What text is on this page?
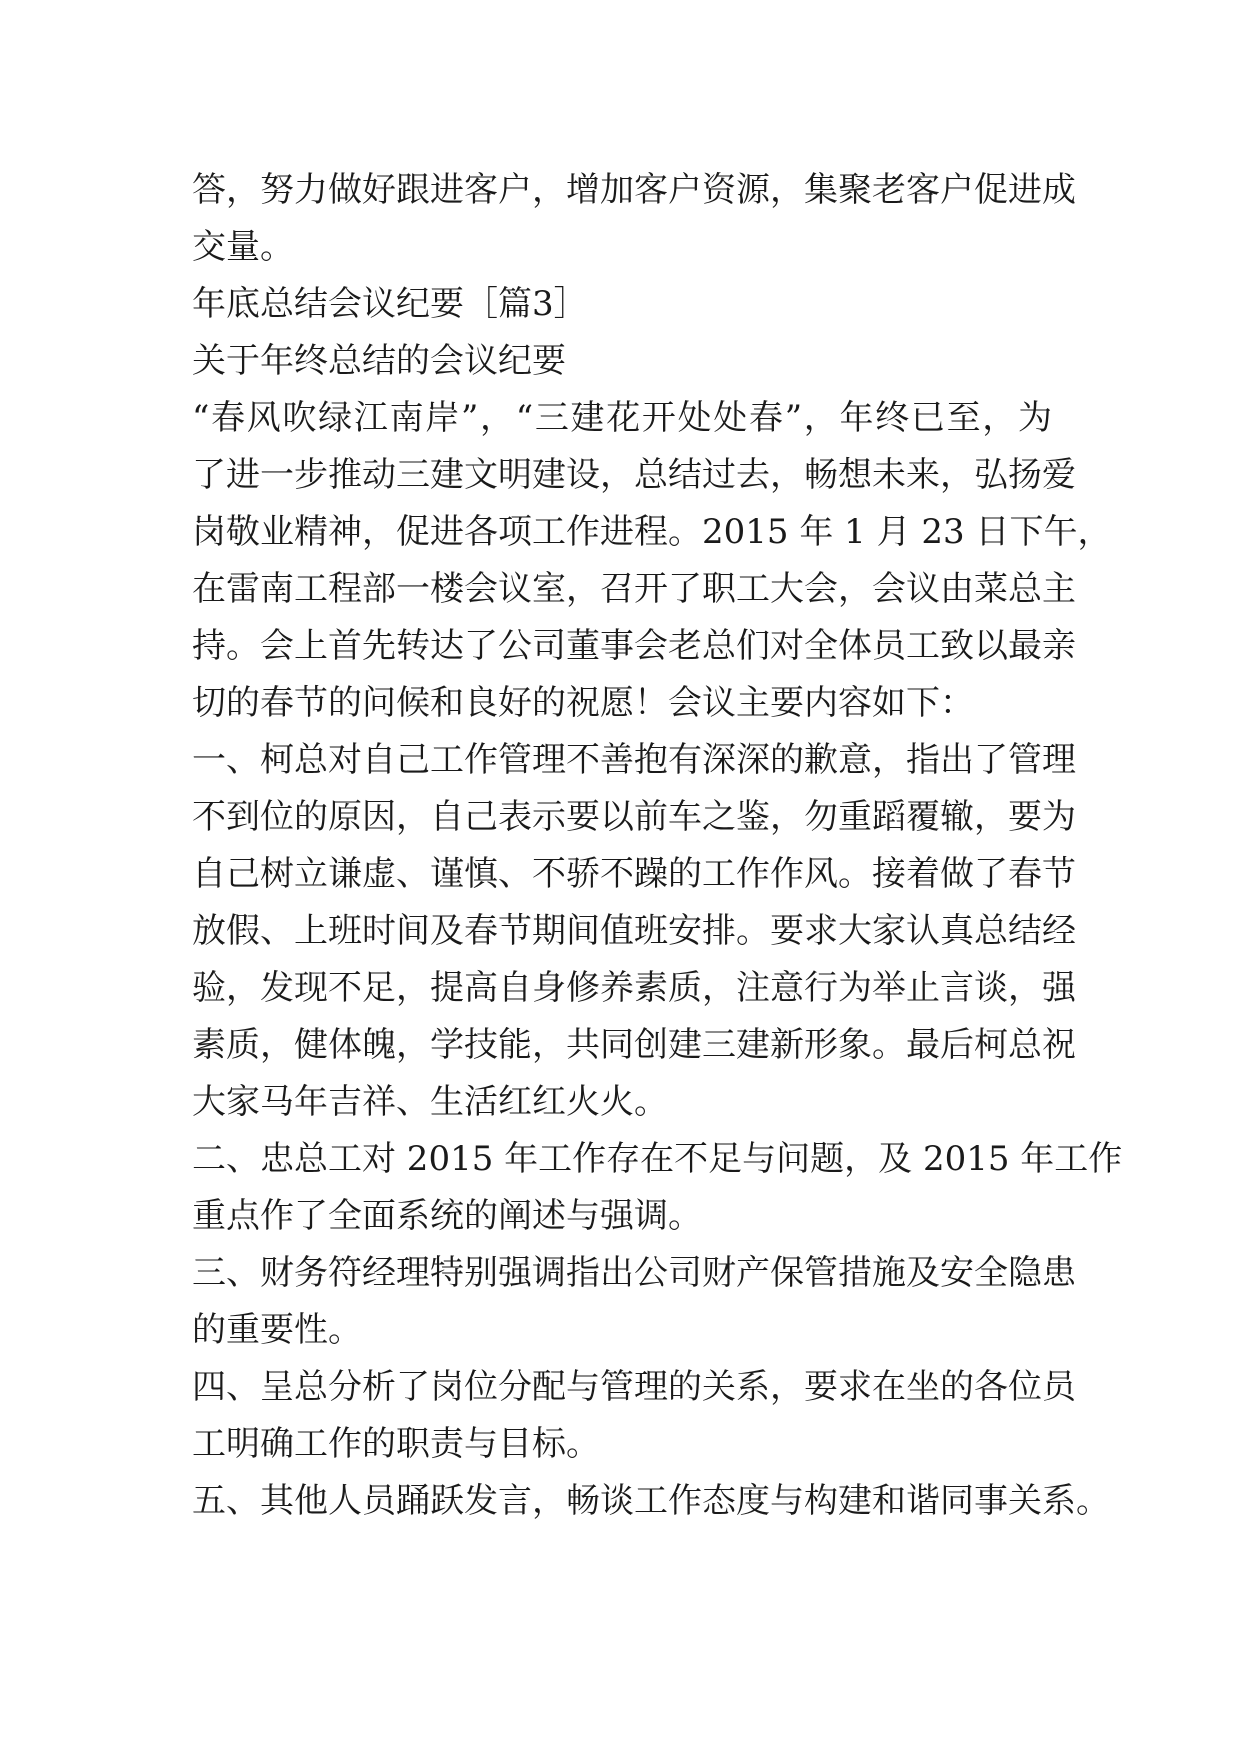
答，努力做好跟进客户，增加客户资源，集聚老客户促进成

交量。

年底总结会议纪要［篇3］

关于年终总结的会议纪要

“春风吹绿江南岸”，“三建花开处处春”，年终已至，为

了进一步推动三建文明建设，总结过去，畅想未来，弘扬爱

岗敬业精神，促进各项工作进程。2015 年 1 月 23 日下午，

在雷南工程部一楼会议室，召开了职工大会，会议由菜总主

持。会上首先转达了公司董事会老总们对全体员工致以最亲

切的春节的问候和良好的祝愿！会议主要内容如下：

一、柯总对自己工作管理不善抱有深深的歉意，指出了管理

不到位的原因，自己表示要以前车之鉴，勿重蹈覆辙，要为

自己树立谦虚、谨慎、不骄不躁的工作作风。接着做了春节

放假、上班时间及春节期间值班安排。要求大家认真总结经

验，发现不足，提高自身修养素质，注意行为举止言谈，强

素质，健体魄，学技能，共同创建三建新形象。最后柯总祝

大家马年吉祥、生活红红火火。

二、忠总工对 2015 年工作存在不足与问题，及 2015 年工作

重点作了全面系统的阐述与强调。

三、财务符经理特别强调指出公司财产保管措施及安全隐患

的重要性。

四、呈总分析了岗位分配与管理的关系，要求在坐的各位员

工明确工作的职责与目标。

五、其他人员踊跃发言，畅谈工作态度与构建和谐同事关系。
